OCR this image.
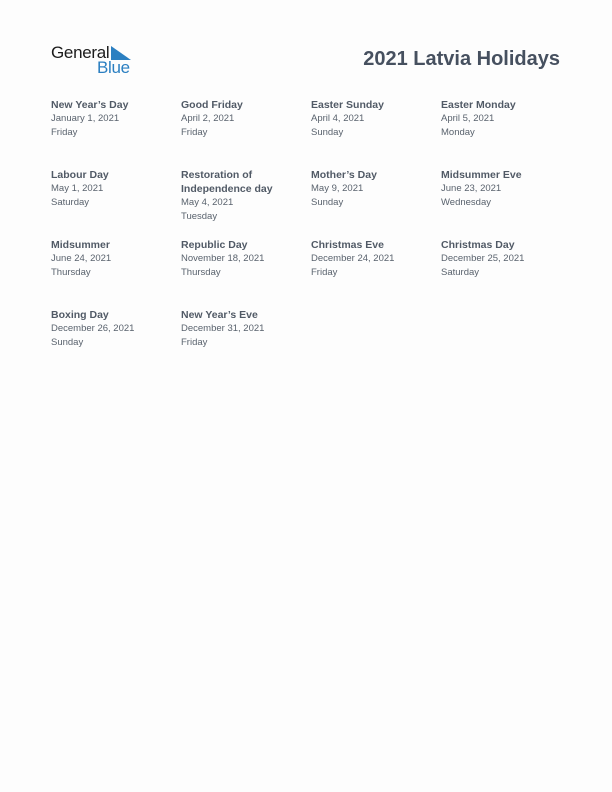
General
Blue	2021 Latvia Holidays
New Year’s Day
January 1, 2021
Friday
Good Friday
April 2, 2021
Friday
Easter Sunday
April 4, 2021
Sunday
Easter Monday
April 5, 2021
Monday
Labour Day
May 1, 2021
Saturday
Restoration of Independence day
May 4, 2021
Tuesday
Mother’s Day
May 9, 2021
Sunday
Midsummer Eve
June 23, 2021
Wednesday
Midsummer
June 24, 2021
Thursday
Republic Day
November 18, 2021
Thursday
Christmas Eve
December 24, 2021
Friday
Christmas Day
December 25, 2021
Saturday
Boxing Day
December 26, 2021
Sunday
New Year’s Eve
December 31, 2021
Friday
